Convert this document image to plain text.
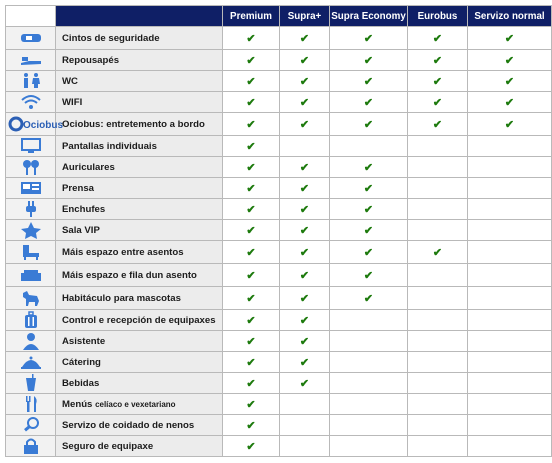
		Premium	Supra+	Supra Economy	Eurobus	Servizo normal
	Cintos de seguridade	✔	✔	✔	✔	✔
	Repousapés	✔	✔	✔	✔	✔
	WC	✔	✔	✔	✔	✔
	WIFI	✔	✔	✔	✔	✔

Ociobus	Ociobus: entretemento a bordo	✔	✔	✔	✔	✔
	Pantallas individuais	✔				
	Auriculares	✔	✔	✔		
	Prensa	✔	✔	✔		
	Enchufes	✔	✔	✔		
	Sala VIP	✔	✔	✔		
	Máis espazo entre asentos	✔	✔	✔	✔	
	Máis espazo e fila dun asento	✔	✔	✔		
	Habitáculo para mascotas	✔	✔	✔		
	Control e recepción de equipaxes	✔	✔			
	Asistente	✔	✔			
	Cátering	✔	✔			
	Bebidas	✔	✔			
	Menús celíaco e vexetariano	✔				
	Servizo de coidado de nenos	✔				
	Seguro de equipaxe	✔				
